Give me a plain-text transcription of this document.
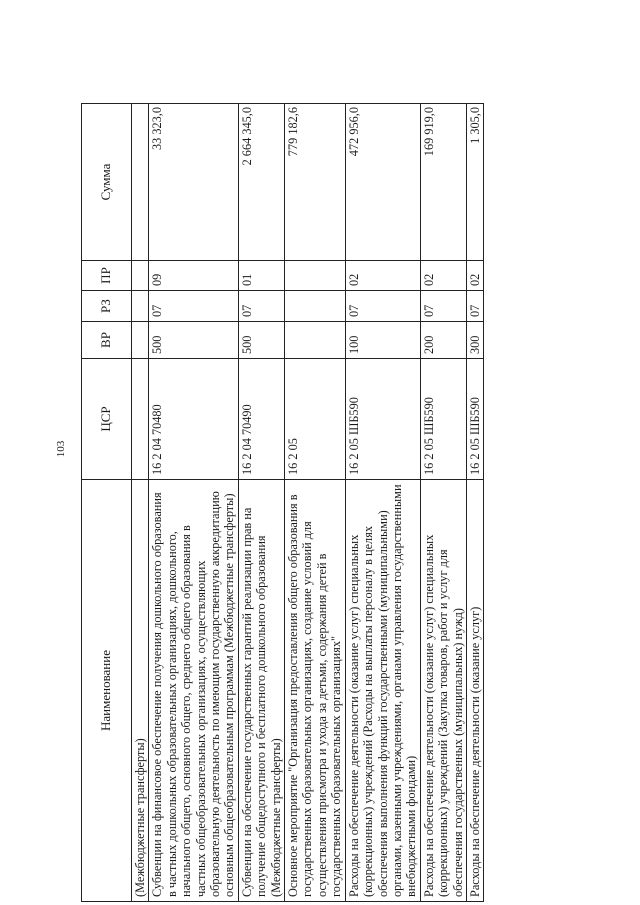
103
Наименование	ЦСР	ВР	РЗ	ПР	Сумма
(Межбюджетные трансферты)					
Субвенции на финансовое обеспечение получения дошкольного образования в частных дошкольных образовательных организациях, дошкольного, начального общего, основного общего, среднего общего образования в частных общеобразовательных организациях, осуществляющих образовательную деятельность по имеющим государственную аккредитацию основным общеобразовательным программам (Межбюджетные трансферты)	16 2 04 70480	500	07	09	33 323,0
Субвенции на обеспечение государственных гарантий реализации прав на получение общедоступного и бесплатного дошкольного образования (Межбюджетные трансферты)	16 2 04 70490	500	07	01	2 664 345,0
Основное мероприятие "Организация предоставления общего образования в государственных образовательных организациях, создание условий для осуществления присмотра и ухода за детьми, содержания детей в государственных образовательных организациях"	16 2 05				779 182,6
Расходы на обеспечение деятельности (оказание услуг) специальных (коррекционных) учреждений (Расходы на выплаты персоналу в целях обеспечения выполнения функций государственными (муниципальными) органами, казенными учреждениями, органами управления государственными внебюджетными фондами)	16 2 05 ШБ590	100	07	02	472 956,0
Расходы на обеспечение деятельности (оказание услуг) специальных (коррекционных) учреждений (Закупка товаров, работ и услуг для обеспечения государственных (муниципальных) нужд)	16 2 05 ШБ590	200	07	02	169 919,0
Расходы на обеспечение деятельности (оказание услуг)	16 2 05 ШБ590	300	07	02	1 305,0
